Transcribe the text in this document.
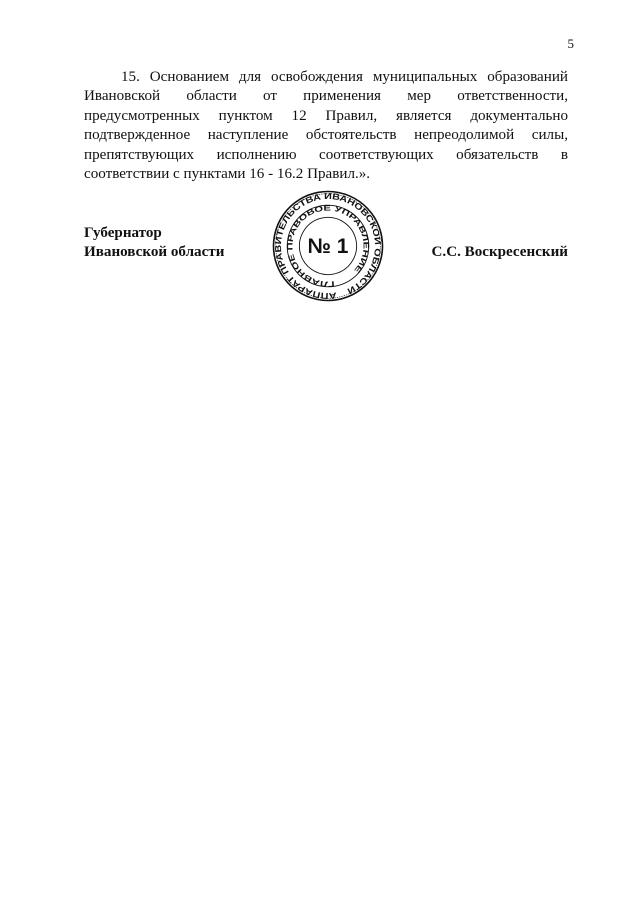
5

15. Основанием для освобождения муниципальных образований Ивановской области от применения мер ответственности, предусмотренных пунктом 12 Правил, является документально подтвержденное наступление обстоятельств непреодолимой силы, препятствующих исполнению соответствующих обязательств в соответствии с пунктами 16 - 16.2 Правил.».

Губернатор
Ивановской области
АППАРАТ ПРАВИТЕЛЬСТВА ИВАНОВСКОЙ ОБЛАСТИ
ГЛАВНОЕ ПРАВОВОЕ УПРАВЛЕНИЕ
№ 1	С.С. Воскресенский
